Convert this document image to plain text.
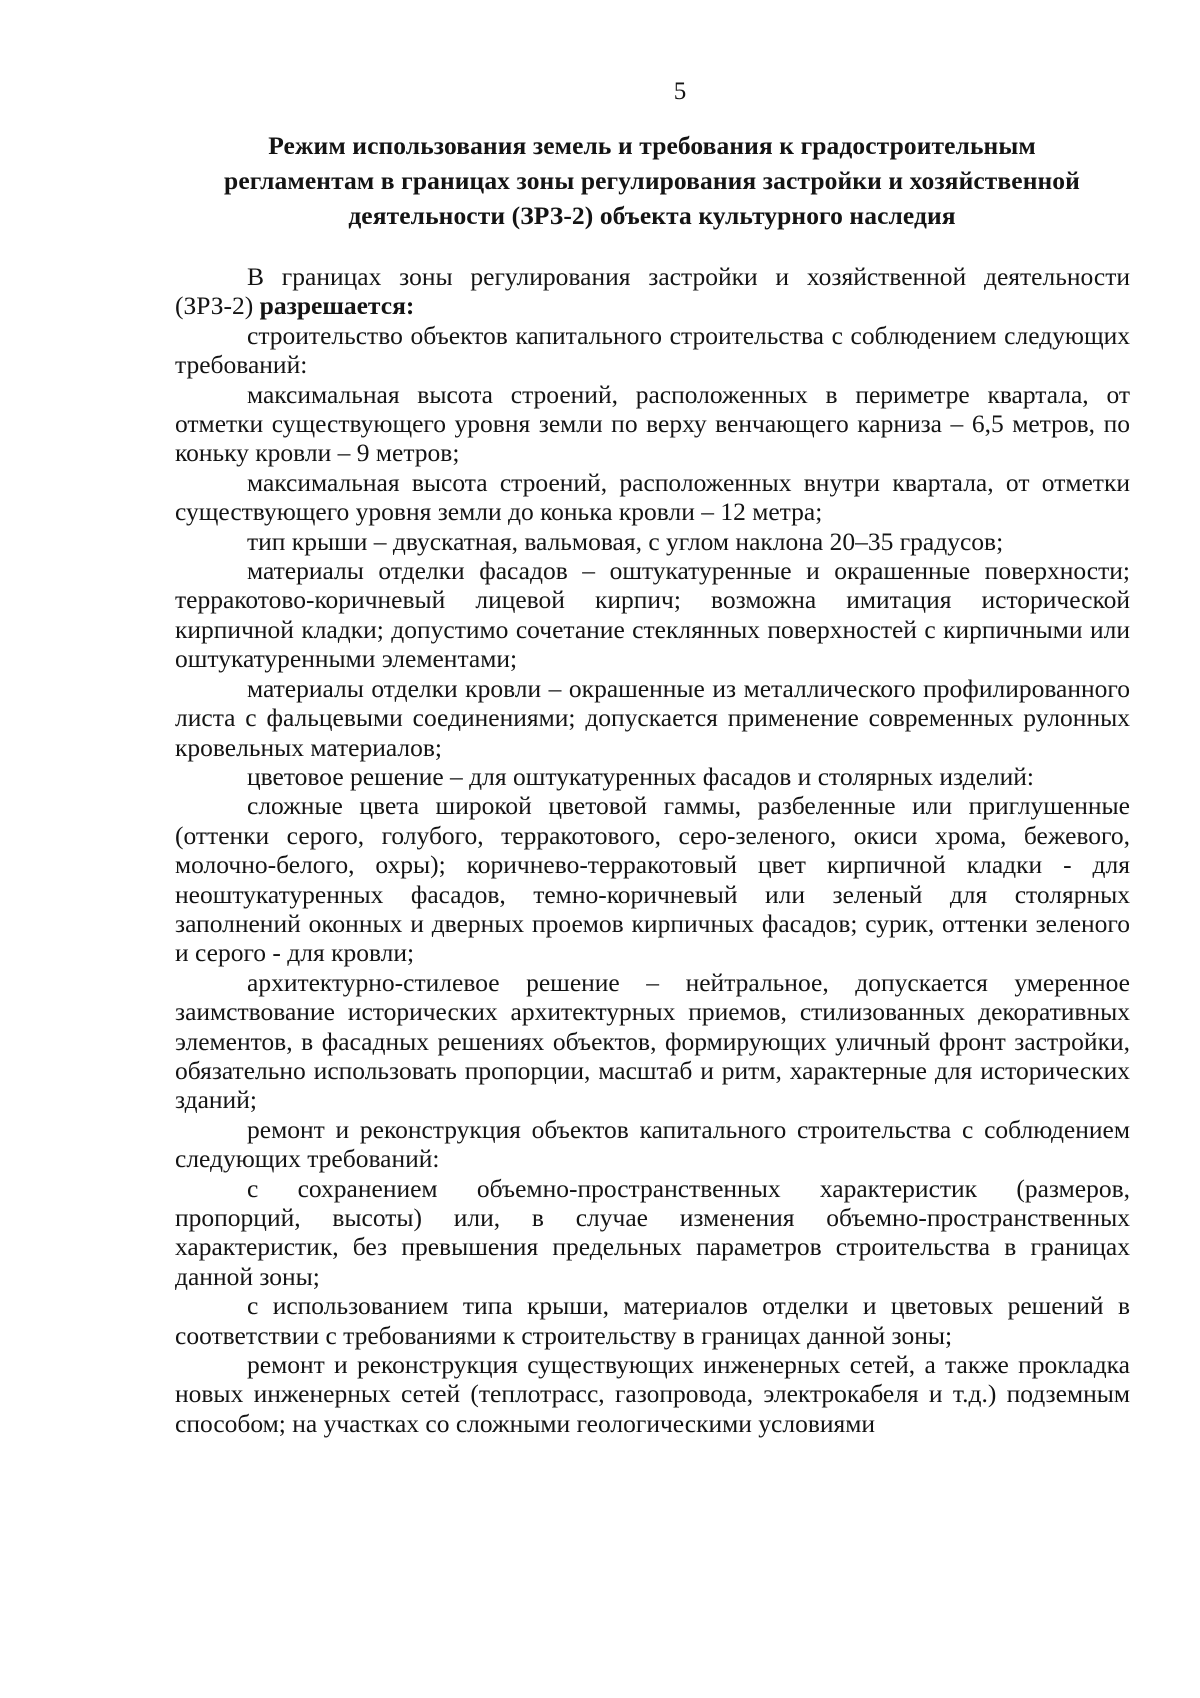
5
Режим использования земель и требования к градостроительным
регламентам в границах зоны регулирования застройки и хозяйственной
деятельности (ЗРЗ-2) объекта культурного наследия

В границах зоны регулирования застройки и хозяйственной деятельности (ЗРЗ-2) разрешается:

строительство объектов капитального строительства с соблюдением следующих требований:

максимальная высота строений, расположенных в периметре квартала, от отметки существующего уровня земли по верху венчающего карниза – 6,5 метров, по коньку кровли – 9 метров;

максимальная высота строений, расположенных внутри квартала, от отметки существующего уровня земли до конька кровли – 12 метра;

тип крыши – двускатная, вальмовая, с углом наклона 20–35 градусов;

материалы отделки фасадов – оштукатуренные и окрашенные поверхности; терракотово-коричневый лицевой кирпич; возможна имитация исторической кирпичной кладки; допустимо сочетание стеклянных поверхностей с кирпичными или оштукатуренными элементами;

материалы отделки кровли – окрашенные из металлического профилированного листа с фальцевыми соединениями; допускается применение современных рулонных кровельных материалов;

цветовое решение – для оштукатуренных фасадов и столярных изделий:

сложные цвета широкой цветовой гаммы, разбеленные или приглушенные (оттенки серого, голубого, терракотового, серо-зеленого, окиси хрома, бежевого, молочно-белого, охры); коричнево-терракотовый цвет кирпичной кладки - для неоштукатуренных фасадов, темно-коричневый или зеленый для столярных заполнений оконных и дверных проемов кирпичных фасадов; сурик, оттенки зеленого и серого - для кровли;

архитектурно-стилевое решение – нейтральное, допускается умеренное заимствование исторических архитектурных приемов, стилизованных декоративных элементов, в фасадных решениях объектов, формирующих уличный фронт застройки, обязательно использовать пропорции, масштаб и ритм, характерные для исторических зданий;

ремонт и реконструкция объектов капитального строительства с соблюдением следующих требований:

с сохранением объемно-пространственных характеристик (размеров, пропорций, высоты) или, в случае изменения объемно-пространственных характеристик, без превышения предельных параметров строительства в границах данной зоны;

с использованием типа крыши, материалов отделки и цветовых решений в соответствии с требованиями к строительству в границах данной зоны;

ремонт и реконструкция существующих инженерных сетей, а также прокладка новых инженерных сетей (теплотрасс, газопровода, электрокабеля и т.д.) подземным способом; на участках со сложными геологическими условиями
